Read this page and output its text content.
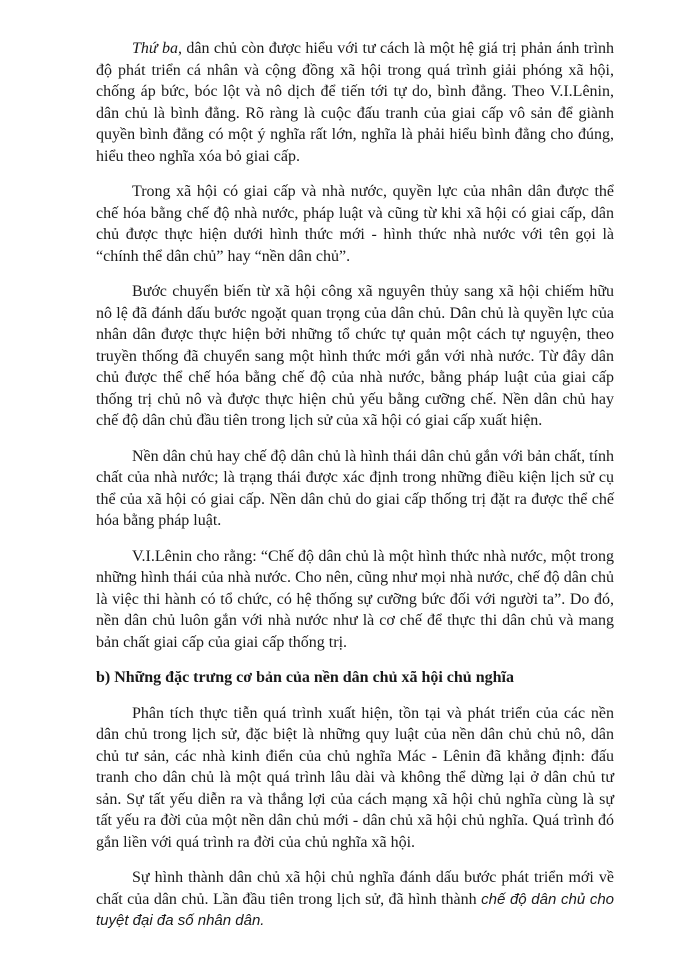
Thứ ba, dân chủ còn được hiểu với tư cách là một hệ giá trị phản ánh trình độ phát triển cá nhân và cộng đồng xã hội trong quá trình giải phóng xã hội, chống áp bức, bóc lột và nô dịch để tiến tới tự do, bình đẳng. Theo V.I.Lênin, dân chủ là bình đẳng. Rõ ràng là cuộc đấu tranh của giai cấp vô sản để giành quyền bình đẳng có một ý nghĩa rất lớn, nghĩa là phải hiểu bình đẳng cho đúng, hiểu theo nghĩa xóa bỏ giai cấp.

Trong xã hội có giai cấp và nhà nước, quyền lực của nhân dân được thể chế hóa bằng chế độ nhà nước, pháp luật và cũng từ khi xã hội có giai cấp, dân chủ được thực hiện dưới hình thức mới - hình thức nhà nước với tên gọi là “chính thể dân chủ” hay “nền dân chủ”.

Bước chuyển biến từ xã hội công xã nguyên thủy sang xã hội chiếm hữu nô lệ đã đánh dấu bước ngoặt quan trọng của dân chủ. Dân chủ là quyền lực của nhân dân được thực hiện bởi những tổ chức tự quản một cách tự nguyện, theo truyền thống đã chuyển sang một hình thức mới gắn với nhà nước. Từ đây dân chủ được thể chế hóa bằng chế độ của nhà nước, bằng pháp luật của giai cấp thống trị chủ nô và được thực hiện chủ yếu bằng cưỡng chế. Nền dân chủ hay chế độ dân chủ đầu tiên trong lịch sử của xã hội có giai cấp xuất hiện.

Nền dân chủ hay chế độ dân chủ là hình thái dân chủ gắn với bản chất, tính chất của nhà nước; là trạng thái được xác định trong những điều kiện lịch sử cụ thể của xã hội có giai cấp. Nền dân chủ do giai cấp thống trị đặt ra được thể chế hóa bằng pháp luật.

V.I.Lênin cho rằng: “Chế độ dân chủ là một hình thức nhà nước, một trong những hình thái của nhà nước. Cho nên, cũng như mọi nhà nước, chế độ dân chủ là việc thi hành có tổ chức, có hệ thống sự cưỡng bức đối với người ta”. Do đó, nền dân chủ luôn gắn với nhà nước như là cơ chế để thực thi dân chủ và mang bản chất giai cấp của giai cấp thống trị.

b) Những đặc trưng cơ bản của nền dân chủ xã hội chủ nghĩa

Phân tích thực tiễn quá trình xuất hiện, tồn tại và phát triển của các nền dân chủ trong lịch sử, đặc biệt là những quy luật của nền dân chủ chủ nô, dân chủ tư sản, các nhà kinh điển của chủ nghĩa Mác - Lênin đã khẳng định: đấu tranh cho dân chủ là một quá trình lâu dài và không thể dừng lại ở dân chủ tư sản. Sự tất yếu diễn ra và thắng lợi của cách mạng xã hội chủ nghĩa cùng là sự tất yếu ra đời của một nền dân chủ mới - dân chủ xã hội chủ nghĩa. Quá trình đó gắn liền với quá trình ra đời của chủ nghĩa xã hội.

Sự hình thành dân chủ xã hội chủ nghĩa đánh dấu bước phát triển mới về chất của dân chủ. Lần đầu tiên trong lịch sử, đã hình thành chế độ dân chủ cho tuyệt đại đa số nhân dân.
